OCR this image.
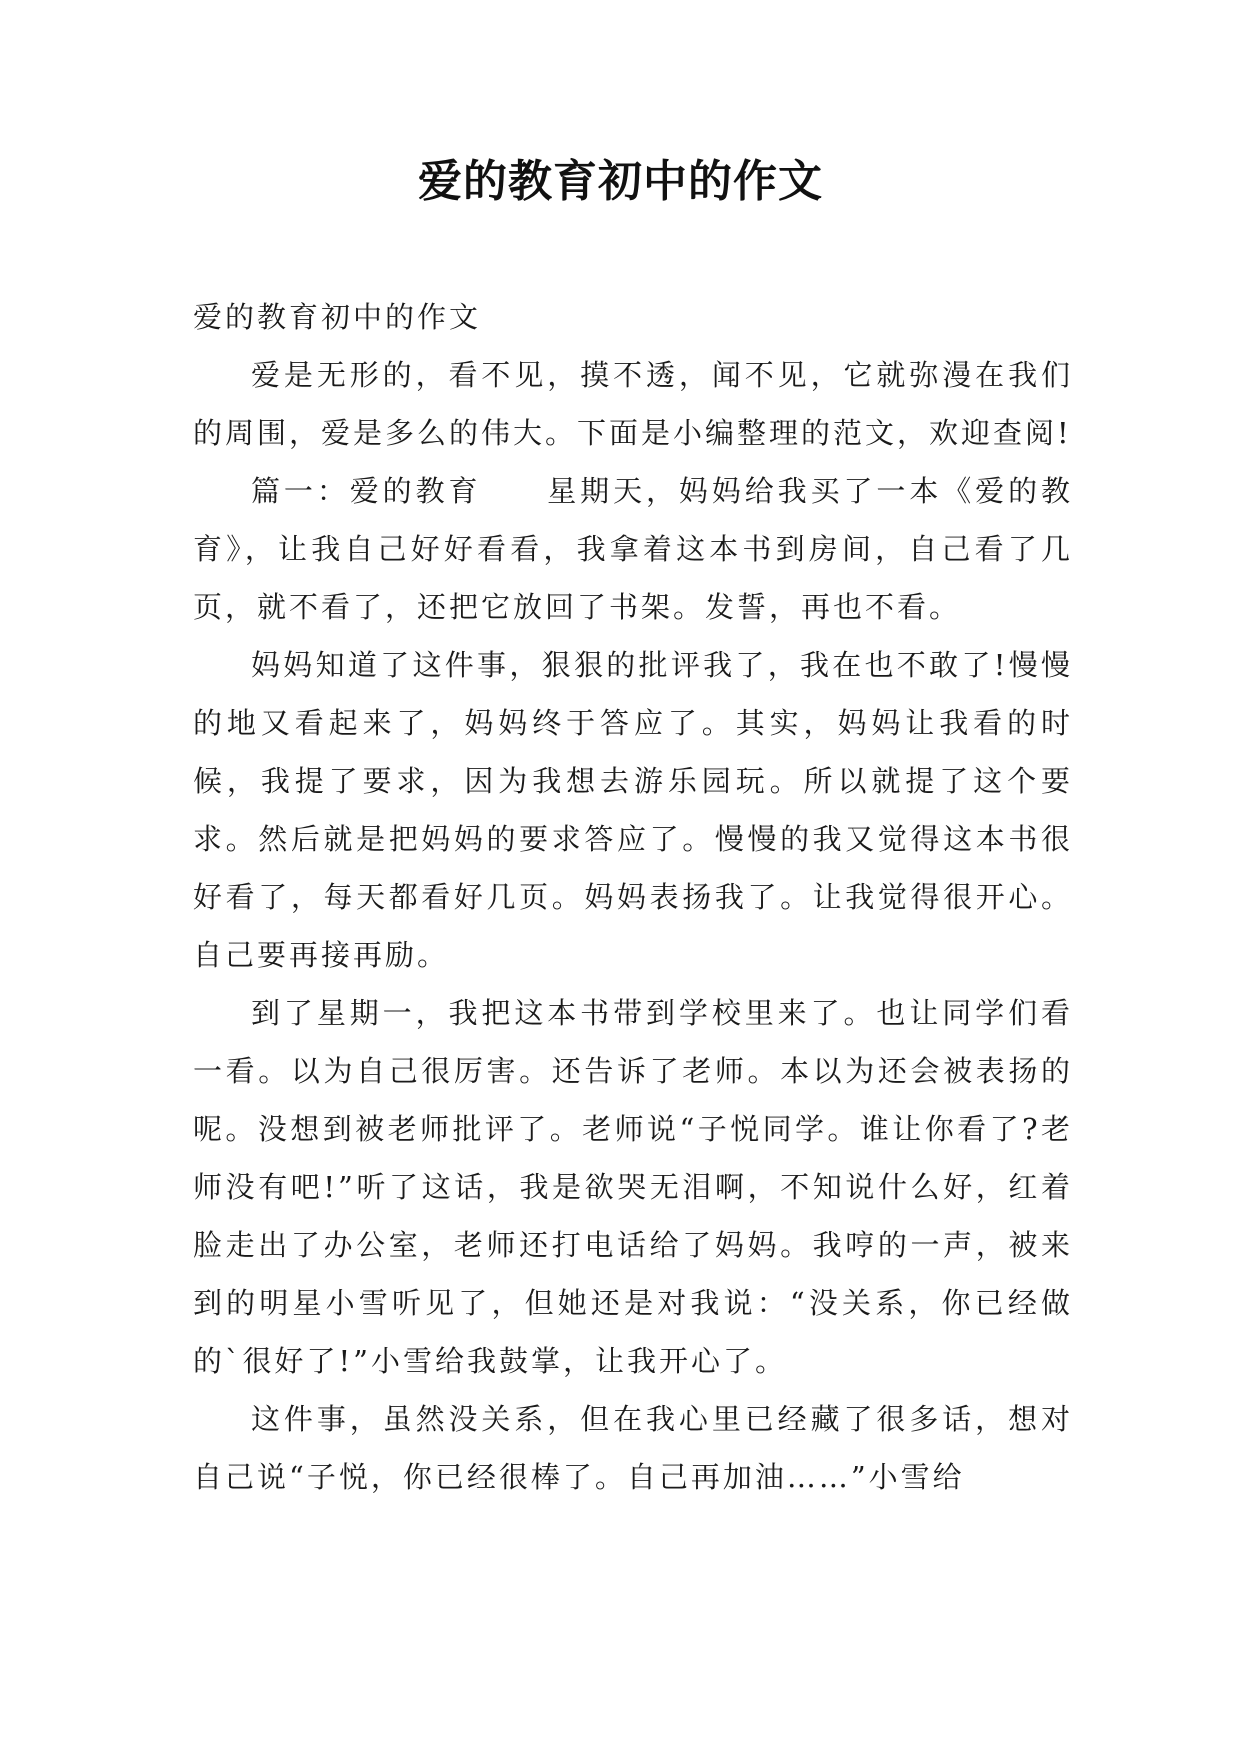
爱的教育初中的作文

爱的教育初中的作文

爱是无形的，看不见，摸不透，闻不见，它就弥漫在我们的周围，爱是多么的伟大。下面是小编整理的范文，欢迎查阅!

篇一：爱的教育　　星期天，妈妈给我买了一本《爱的教育》，让我自己好好看看，我拿着这本书到房间，自己看了几页，就不看了，还把它放回了书架。发誓，再也不看。

妈妈知道了这件事，狠狠的批评我了，我在也不敢了!慢慢的地又看起来了，妈妈终于答应了。其实，妈妈让我看的时候，我提了要求，因为我想去游乐园玩。所以就提了这个要求。然后就是把妈妈的要求答应了。慢慢的我又觉得这本书很好看了，每天都看好几页。妈妈表扬我了。让我觉得很开心。自己要再接再励。

到了星期一，我把这本书带到学校里来了。也让同学们看一看。以为自己很厉害。还告诉了老师。本以为还会被表扬的呢。没想到被老师批评了。老师说“子悦同学。谁让你看了?老师没有吧!”听了这话，我是欲哭无泪啊，不知说什么好，红着脸走出了办公室，老师还打电话给了妈妈。我哼的一声，被来到的明星小雪听见了，但她还是对我说：“没关系，你已经做的`很好了!”小雪给我鼓掌，让我开心了。

这件事，虽然没关系，但在我心里已经藏了很多话，想对自己说“子悦，你已经很棒了。自己再加油……”小雪给
